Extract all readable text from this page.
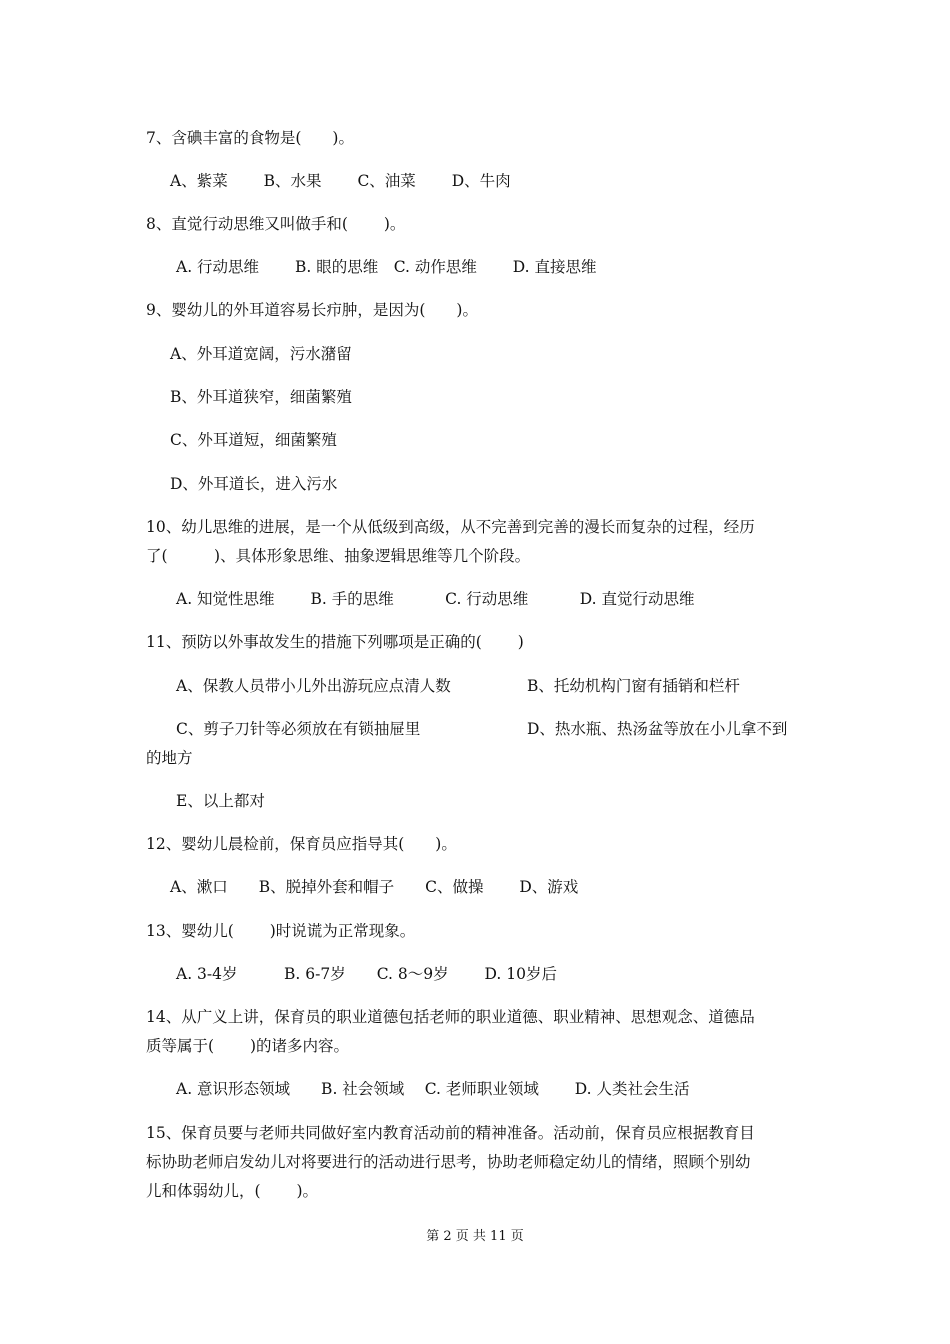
7、含碘丰富的食物是(　　)。
A、紫菜　　 B、水果　　 C、油菜　　 D、牛肉
8、直觉行动思维又叫做手和(　　 )。
A. 行动思维　　 B. 眼的思维　C. 动作思维　　 D. 直接思维
9、婴幼儿的外耳道容易长疖肿，是因为(　　)。
A、外耳道宽阔，污水潴留
B、外耳道狭窄，细菌繁殖
C、外耳道短，细菌繁殖
D、外耳道长，进入污水
10、幼儿思维的进展，是一个从低级到高级，从不完善到完善的漫长而复杂的过程，经历
了(　　　)、具体形象思维、抽象逻辑思维等几个阶段。
A. 知觉性思维　　 B. 手的思维　　　 C. 行动思维　　　 D. 直觉行动思维
11、预防以外事故发生的措施下列哪项是正确的(　　 )
A、保教人员带小儿外出游玩应点清人数	B、托幼机构门窗有插销和栏杆
C、剪子刀针等必须放在有锁抽屉里	D、热水瓶、热汤盆等放在小儿拿不到
的地方
E、以上都对
12、婴幼儿晨检前，保育员应指导其(　　)。
A、漱口　　B、脱掉外套和帽子　　C、做操　　 D、游戏
13、婴幼儿(　　 )时说谎为正常现象。
A. 3-4岁　　　B. 6-7岁　　C. 8～9岁　　 D. 10岁后
14、从广义上讲，保育员的职业道德包括老师的职业道德、职业精神、思想观念、道德品
质等属于(　　 )的诸多内容。
A. 意识形态领域　　B. 社会领域　 C. 老师职业领域　　 D. 人类社会生活
15、保育员要与老师共同做好室内教育活动前的精神准备。活动前，保育员应根据教育目
标协助老师启发幼儿对将要进行的活动进行思考，协助老师稳定幼儿的情绪，照顾个别幼
儿和体弱幼儿，(　　 )。
第 2 页 共 11 页
